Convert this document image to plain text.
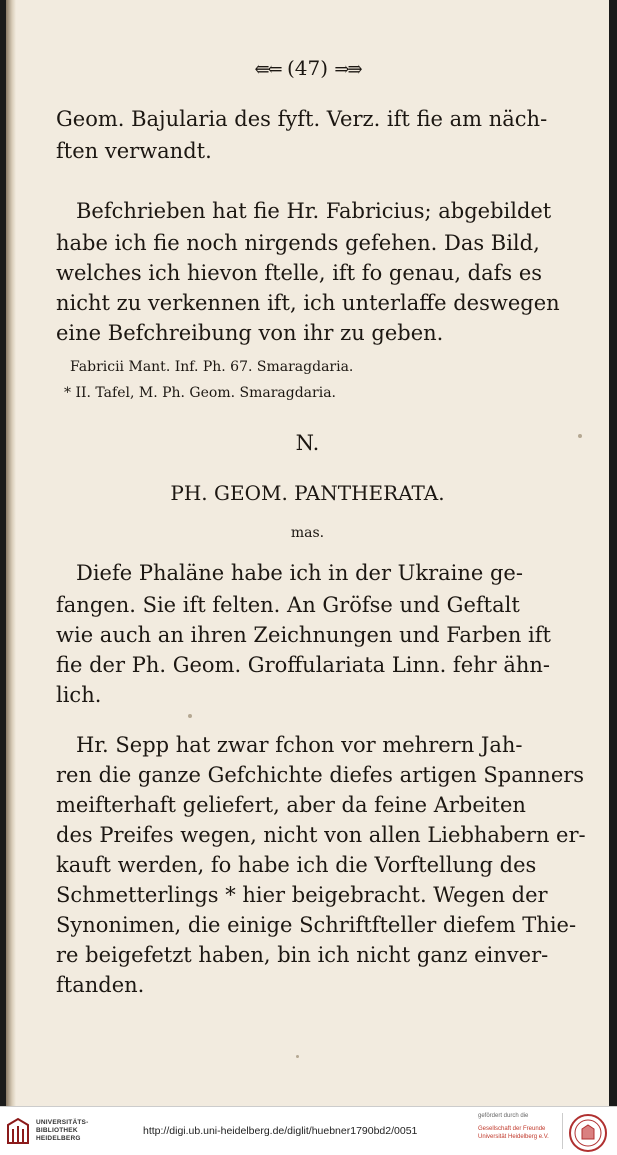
⇚⇐ (47) ⇒⇛

Geom. Bajularia des fyft. Verz. ift fie am näch-

ften verwandt.

Befchrieben hat fie Hr. Fabricius; abgebildet

habe ich fie noch nirgends gefehen. Das Bild,

welches ich hievon ftelle, ift fo genau, dafs es

nicht zu verkennen ift, ich unterlaffe deswegen

eine Befchreibung von ihr zu geben.

Fabricii Mant. Inf. Ph. 67. Smaragdaria.

* II. Tafel, M. Ph. Geom. Smaragdaria.

N.

PH. GEOM. PANTHERATA.

mas.

Diefe Phaläne habe ich in der Ukraine ge-

fangen. Sie ift felten. An Gröfse und Geftalt

wie auch an ihren Zeichnungen und Farben ift

fie der Ph. Geom. Groffulariata Linn. fehr ähn-

lich.

Hr. Sepp hat zwar fchon vor mehrern Jah-

ren die ganze Gefchichte diefes artigen Spanners

meifterhaft geliefert, aber da feine Arbeiten

des Preifes wegen, nicht von allen Liebhabern er-

kauft werden, fo habe ich die Vorftellung des

Schmetterlings * hier beigebracht. Wegen der

Synonimen, die einige Schriftfteller diefem Thie-

re beigefetzt haben, bin ich nicht ganz einver-

ftanden.

UNIVERSITÄTS-
BIBLIOTHEK
HEIDELBERG
http://digi.ub.uni-heidelberg.de/diglit/huebner1790bd2/0051
gefördert durch die
Gesellschaft der Freunde
Universität Heidelberg e.V.
